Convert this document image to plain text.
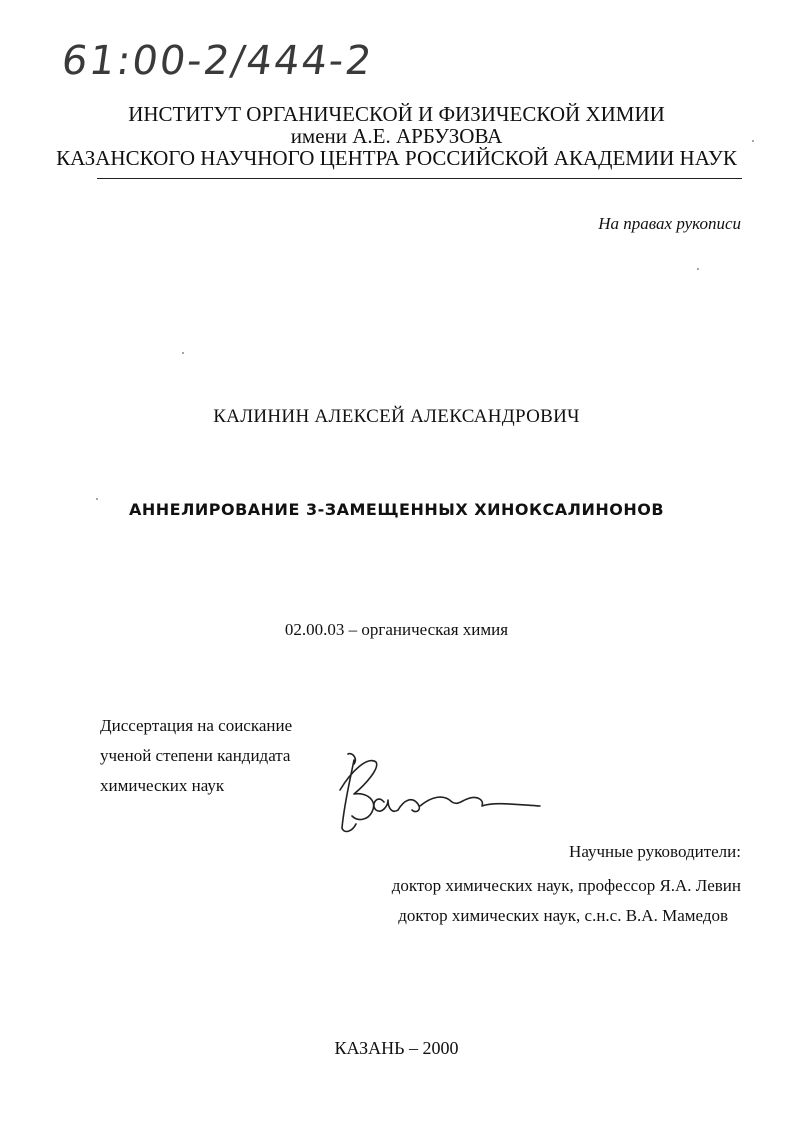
61:00-2/444-2
ИНСТИТУТ ОРГАНИЧЕСКОЙ И ФИЗИЧЕСКОЙ ХИМИИ
имени А.Е. АРБУЗОВА
КАЗАНСКОГО НАУЧНОГО ЦЕНТРА РОССИЙСКОЙ АКАДЕМИИ НАУК
На правах рукописи
КАЛИНИН АЛЕКСЕЙ АЛЕКСАНДРОВИЧ
АННЕЛИРОВАНИЕ 3-ЗАМЕЩЕННЫХ ХИНОКСАЛИНОНОВ
02.00.03 – органическая химия
Диссертация на соискание
ученой степени кандидата
химических наук
Научные руководители:
доктор химических наук, профессор Я.А. Левин
доктор химических наук, с.н.с. В.А. Мамедов
КАЗАНЬ – 2000
